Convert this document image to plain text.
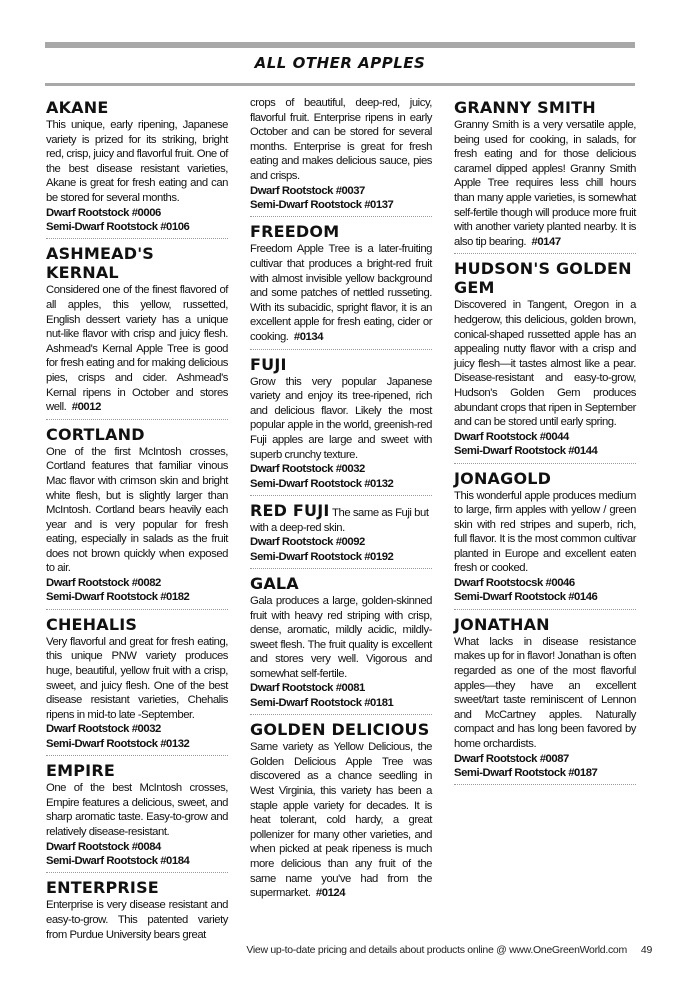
ALL OTHER APPLES
AKANE

This unique, early ripening, Japanese variety is prized for its striking, bright red, crisp, juicy and flavorful fruit. One of the best disease resistant varieties, Akane is great for fresh eating and can be stored for several months.

Dwarf Rootstock #0006

Semi-Dwarf Rootstock #0106

ASHMEAD'S KERNAL

Considered one of the finest flavored of all apples, this yellow, russetted, English dessert variety has a unique nut-like flavor with crisp and juicy flesh. Ashmead's Kernal Apple Tree is good for fresh eating and for making delicious pies, crisps and cider. Ashmead's Kernal ripens in October and stores well. #0012

CORTLAND

One of the first McIntosh crosses, Cortland features that familiar vinous Mac flavor with crimson skin and bright white flesh, but is slightly larger than McIntosh. Cortland bears heavily each year and is very popular for fresh eating, especially in salads as the fruit does not brown quickly when exposed to air.

Dwarf Rootstock #0082

Semi-Dwarf Rootstock #0182

CHEHALIS

Very flavorful and great for fresh eating, this unique PNW variety produces huge, beautiful, yellow fruit with a crisp, sweet, and juicy flesh. One of the best disease resistant varieties, Chehalis ripens in mid-to late -September.

Dwarf Rootstock #0032

Semi-Dwarf Rootstock #0132

EMPIRE

One of the best McIntosh crosses, Empire features a delicious, sweet, and sharp aromatic taste. Easy-to-grow and relatively disease-resistant.

Dwarf Rootstock #0084

Semi-Dwarf Rootstock #0184

ENTERPRISE

Enterprise is very disease resistant and easy-to-grow. This patented variety from Purdue University bears great

crops of beautiful, deep-red, juicy, flavorful fruit. Enterprise ripens in early October and can be stored for several months. Enterprise is great for fresh eating and makes delicious sauce, pies and crisps.

Dwarf Rootstock #0037

Semi-Dwarf Rootstock #0137

FREEDOM

Freedom Apple Tree is a later-fruiting cultivar that produces a bright-red fruit with almost invisible yellow background and some patches of nettled russeting. With its subacidic, spright flavor, it is an excellent apple for fresh eating, cider or cooking. #0134

FUJI

Grow this very popular Japanese variety and enjoy its tree-ripened, rich and delicious flavor. Likely the most popular apple in the world, greenish-red Fuji apples are large and sweet with superb crunchy texture.

Dwarf Rootstock #0032

Semi-Dwarf Rootstock #0132

RED FUJI The same as Fuji but with a deep-red skin.

Dwarf Rootstock #0092

Semi-Dwarf Rootstock #0192

GALA

Gala produces a large, golden-skinned fruit with heavy red striping with crisp, dense, aromatic, mildly acidic, mildly-sweet flesh. The fruit quality is excellent and stores very well. Vigorous and somewhat self-fertile.

Dwarf Rootstock #0081

Semi-Dwarf Rootstock #0181

GOLDEN DELICIOUS

Same variety as Yellow Delicious, the Golden Delicious Apple Tree was discovered as a chance seedling in West Virginia, this variety has been a staple apple variety for decades. It is heat tolerant, cold hardy, a great pollenizer for many other varieties, and when picked at peak ripeness is much more delicious than any fruit of the same name you've had from the supermarket. #0124

GRANNY SMITH

Granny Smith is a very versatile apple, being used for cooking, in salads, for fresh eating and for those delicious caramel dipped apples! Granny Smith Apple Tree requires less chill hours than many apple varieties, is somewhat self-fertile though will produce more fruit with another variety planted nearby. It is also tip bearing. #0147

HUDSON'S GOLDEN GEM

Discovered in Tangent, Oregon in a hedgerow, this delicious, golden brown, conical-shaped russetted apple has an appealing nutty flavor with a crisp and juicy flesh—it tastes almost like a pear. Disease-resistant and easy-to-grow, Hudson's Golden Gem produces abundant crops that ripen in September and can be stored until early spring.

Dwarf Rootstock #0044

Semi-Dwarf Rootstock #0144

JONAGOLD

This wonderful apple produces medium to large, firm apples with yellow / green skin with red stripes and superb, rich, full flavor. It is the most common cultivar planted in Europe and excellent eaten fresh or cooked.

Dwarf Rootstocsk #0046

Semi-Dwarf Rootstock #0146

JONATHAN

What lacks in disease resistance makes up for in flavor! Jonathan is often regarded as one of the most flavorful apples—they have an excellent sweet/tart taste reminiscent of Lennon and McCartney apples. Naturally compact and has long been favored by home orchardists.

Dwarf Rootstock #0087

Semi-Dwarf Rootstock #0187

View up-to-date pricing and details about products online @ www.OneGreenWorld.com 49
